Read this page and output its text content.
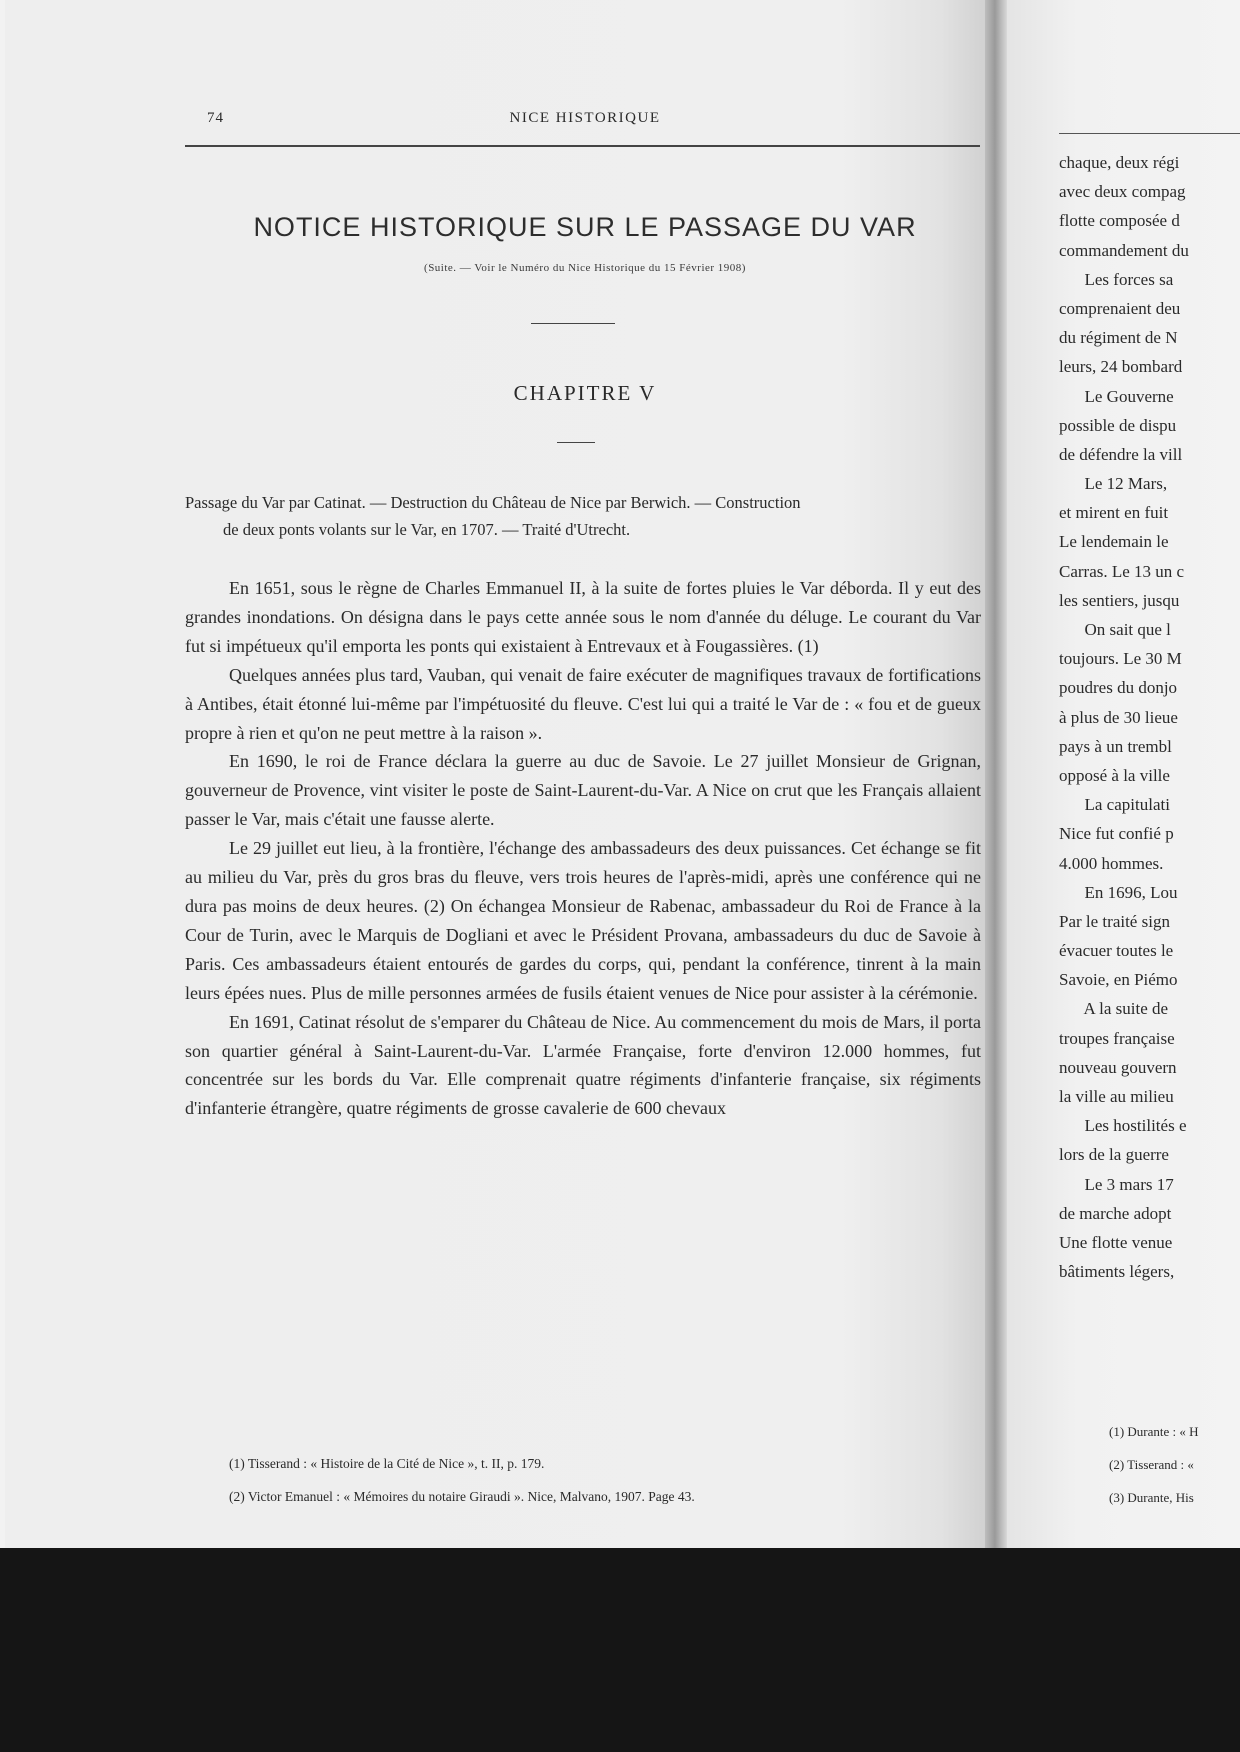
74	NICE HISTORIQUE
NOTICE HISTORIQUE SUR LE PASSAGE DU VAR
(Suite. — Voir le Numéro du Nice Historique du 15 Février 1908)
CHAPITRE V
Passage du Var par Catinat. — Destruction du Château de Nice par Berwich. — Construction
de deux ponts volants sur le Var, en 1707. — Traité d'Utrecht.

En 1651, sous le règne de Charles Emmanuel II, à la suite de fortes pluies le Var déborda. Il y eut des grandes inondations. On désigna dans le pays cette année sous le nom d'année du déluge. Le courant du Var fut si impétueux qu'il emporta les ponts qui existaient à Entrevaux et à Fougassières. (1)

Quelques années plus tard, Vauban, qui venait de faire exécuter de magnifiques travaux de fortifications à Antibes, était étonné lui-même par l'impétuosité du fleuve. C'est lui qui a traité le Var de : « fou et de gueux propre à rien et qu'on ne peut mettre à la raison ».

En 1690, le roi de France déclara la guerre au duc de Savoie. Le 27 juillet Monsieur de Grignan, gouverneur de Provence, vint visiter le poste de Saint-Laurent-du-Var. A Nice on crut que les Français allaient passer le Var, mais c'était une fausse alerte.

Le 29 juillet eut lieu, à la frontière, l'échange des ambassadeurs des deux puissances. Cet échange se fit au milieu du Var, près du gros bras du fleuve, vers trois heures de l'après-midi, après une conférence qui ne dura pas moins de deux heures. (2) On échangea Monsieur de Rabenac, ambassadeur du Roi de France à la Cour de Turin, avec le Marquis de Dogliani et avec le Président Provana, ambassadeurs du duc de Savoie à Paris. Ces ambassadeurs étaient entourés de gardes du corps, qui, pendant la conférence, tinrent à la main leurs épées nues. Plus de mille personnes armées de fusils étaient venues de Nice pour assister à la cérémonie.

En 1691, Catinat résolut de s'emparer du Château de Nice. Au commencement du mois de Mars, il porta son quartier général à Saint-Laurent-du-Var. L'armée Française, forte d'environ 12.000 hommes, fut concentrée sur les bords du Var. Elle comprenait quatre régiments d'infanterie française, six régiments d'infanterie étrangère, quatre régiments de grosse cavalerie de 600 chevaux

(1) Tisserand : « Histoire de la Cité de Nice », t. II, p. 179.
(2) Victor Emanuel : « Mémoires du notaire Giraudi ». Nice, Malvano, 1907. Page 43.
chaque, deux régi
avec deux compag
flotte composée d
commandement du
Les forces sa
comprenaient deu
du régiment de N
leurs, 24 bombard
Le Gouverne
possible de dispu
de défendre la vill
Le 12 Mars,
et mirent en fuit
Le lendemain le
Carras. Le 13 un c
les sentiers, jusqu
On sait que l
toujours. Le 30 M
poudres du donjo
à plus de 30 lieue
pays à un trembl
opposé à la ville
La capitulati
Nice fut confié p
4.000 hommes.
En 1696, Lou
Par le traité sign
évacuer toutes le
Savoie, en Piémo
A la suite de
troupes française
nouveau gouvern
la ville au milieu
Les hostilités e
lors de la guerre
Le 3 mars 17
de marche adopt
Une flotte venue
bâtiments légers,
(1) Durante : « H
(2) Tisserand : «
(3) Durante, His
